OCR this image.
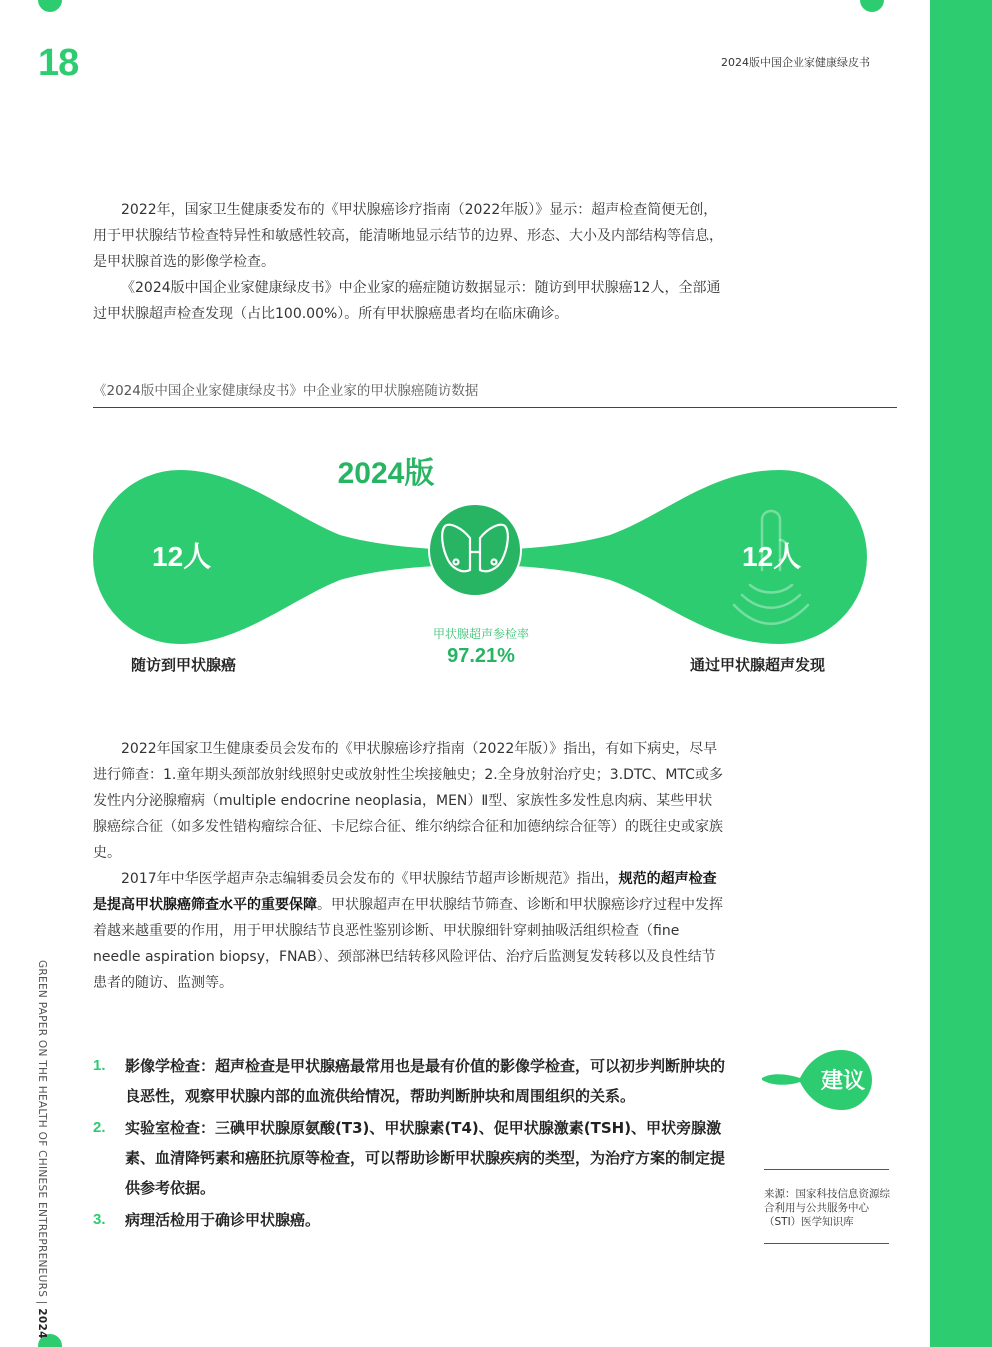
18	2024版中国企业家健康绿皮书

2022年，国家卫生健康委发布的《甲状腺癌诊疗指南（2022年版）》显示：超声检查简便无创，用于甲状腺结节检查特异性和敏感性较高，能清晰地显示结节的边界、形态、大小及内部结构等信息，是甲状腺首选的影像学检查。

《2024版中国企业家健康绿皮书》中企业家的癌症随访数据显示：随访到甲状腺癌12人，全部通过甲状腺超声检查发现（占比100.00%）。所有甲状腺癌患者均在临床确诊。

《2024版中国企业家健康绿皮书》中企业家的甲状腺癌随访数据
2024版
12人	12人
随访到甲状腺癌	通过甲状腺超声发现
甲状腺超声参检率
97.21%

2022年国家卫生健康委员会发布的《甲状腺癌诊疗指南（2022年版）》指出，有如下病史，尽早进行筛查：1.童年期头颈部放射线照射史或放射性尘埃接触史；2.全身放射治疗史；3.DTC、MTC或多发性内分泌腺瘤病（multiple endocrine neoplasia，MEN）Ⅱ型、家族性多发性息肉病、某些甲状腺癌综合征（如多发性错构瘤综合征、卡尼综合征、维尔纳综合征和加德纳综合征等）的既往史或家族史。

2017年中华医学超声杂志编辑委员会发布的《甲状腺结节超声诊断规范》指出，规范的超声检查是提高甲状腺癌筛查水平的重要保障。甲状腺超声在甲状腺结节筛查、诊断和甲状腺癌诊疗过程中发挥着越来越重要的作用，用于甲状腺结节良恶性鉴别诊断、甲状腺细针穿刺抽吸活组织检查（fine needle aspiration biopsy，FNAB）、颈部淋巴结转移风险评估、治疗后监测复发转移以及良性结节患者的随访、监测等。

GREEN PAPER ON THE HEALTH OF CHINESE ENTREPRENEURS | 2024
1.	影像学检查：超声检查是甲状腺癌最常用也是最有价值的影像学检查，可以初步判断肿块的良恶性，观察甲状腺内部的血流供给情况，帮助判断肿块和周围组织的关系。
2.	实验室检查：三碘甲状腺原氨酸(T3)、甲状腺素(T4)、促甲状腺激素(TSH)、甲状旁腺激素、血清降钙素和癌胚抗原等检查，可以帮助诊断甲状腺疾病的类型，为治疗方案的制定提供参考依据。
3.	病理活检用于确诊甲状腺癌。
建议
来源：国家科技信息资源综合利用与公共服务中心（STI）医学知识库
